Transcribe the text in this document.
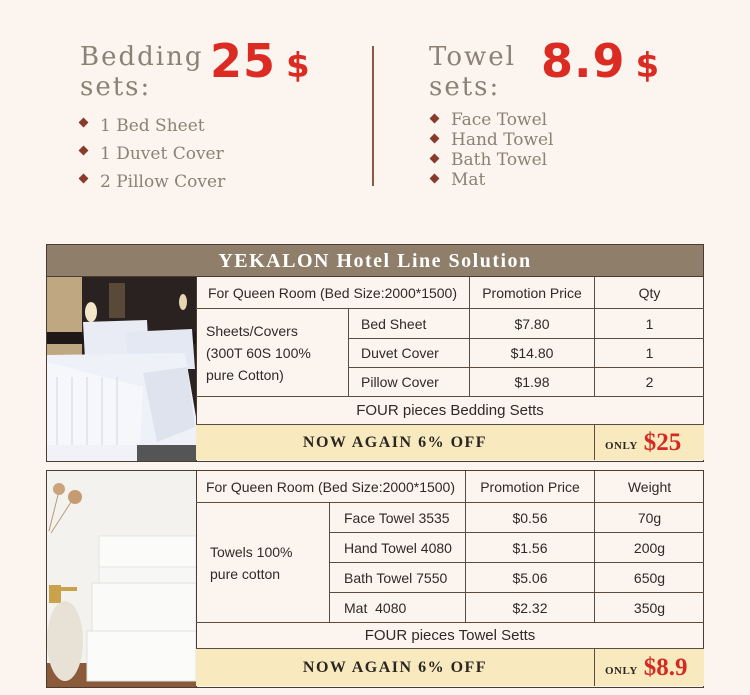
Bedding
sets:	25 $
1 Bed Sheet
1 Duvet Cover
2 Pillow Cover
Towel
sets: 8.9 $
Face Towel
Hand Towel
Bath Towel
Mat
YEKALON Hotel Line Solution
For Queen Room (Bed Size:2000*1500)	Promotion Price	Qty
Sheets/Covers
(300T 60S 100%
pure Cotton)
Bed Sheet	$7.80	1
Duvet Cover	$14.80	1
Pillow Cover	$1.98	2
FOUR pieces Bedding Setts
NOW AGAIN 6% OFF	ONLY $25
For Queen Room (Bed Size:2000*1500)	Promotion Price	Weight
Towels 100%
pure cotton
Face Towel 3535	$0.56	70g
Hand Towel 4080	$1.56	200g
Bath Towel 7550	$5.06	650g
Mat  4080	$2.32	350g
FOUR pieces Towel Setts
NOW AGAIN 6% OFF	ONLY $8.9
